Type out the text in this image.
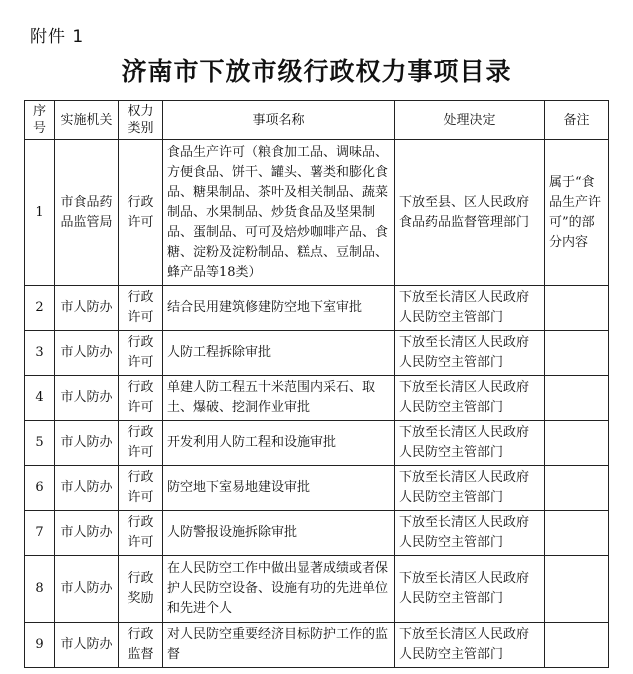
附件 1
济南市下放市级行政权力事项目录
序号	实施机关	权力类别	事项名称	处理决定	备注
1	市食品药品监管局	行政许可	食品生产许可（粮食加工品、调味品、方便食品、饼干、罐头、薯类和膨化食品、糖果制品、茶叶及相关制品、蔬菜制品、水果制品、炒货食品及坚果制品、蛋制品、可可及焙炒咖啡产品、食糖、淀粉及淀粉制品、糕点、豆制品、蜂产品等18类）	下放至县、区人民政府食品药品监督管理部门	属于“食品生产许可”的部分内容
2	市人防办	行政许可	结合民用建筑修建防空地下室审批	下放至长清区人民政府人民防空主管部门	
3	市人防办	行政许可	人防工程拆除审批	下放至长清区人民政府人民防空主管部门	
4	市人防办	行政许可	单建人防工程五十米范围内采石、取土、爆破、挖洞作业审批	下放至长清区人民政府人民防空主管部门	
5	市人防办	行政许可	开发利用人防工程和设施审批	下放至长清区人民政府人民防空主管部门	
6	市人防办	行政许可	防空地下室易地建设审批	下放至长清区人民政府人民防空主管部门	
7	市人防办	行政许可	人防警报设施拆除审批	下放至长清区人民政府人民防空主管部门	
8	市人防办	行政奖励	在人民防空工作中做出显著成绩或者保护人民防空设备、设施有功的先进单位和先进个人	下放至长清区人民政府人民防空主管部门	
9	市人防办	行政监督	对人民防空重要经济目标防护工作的监督	下放至长清区人民政府人民防空主管部门	
